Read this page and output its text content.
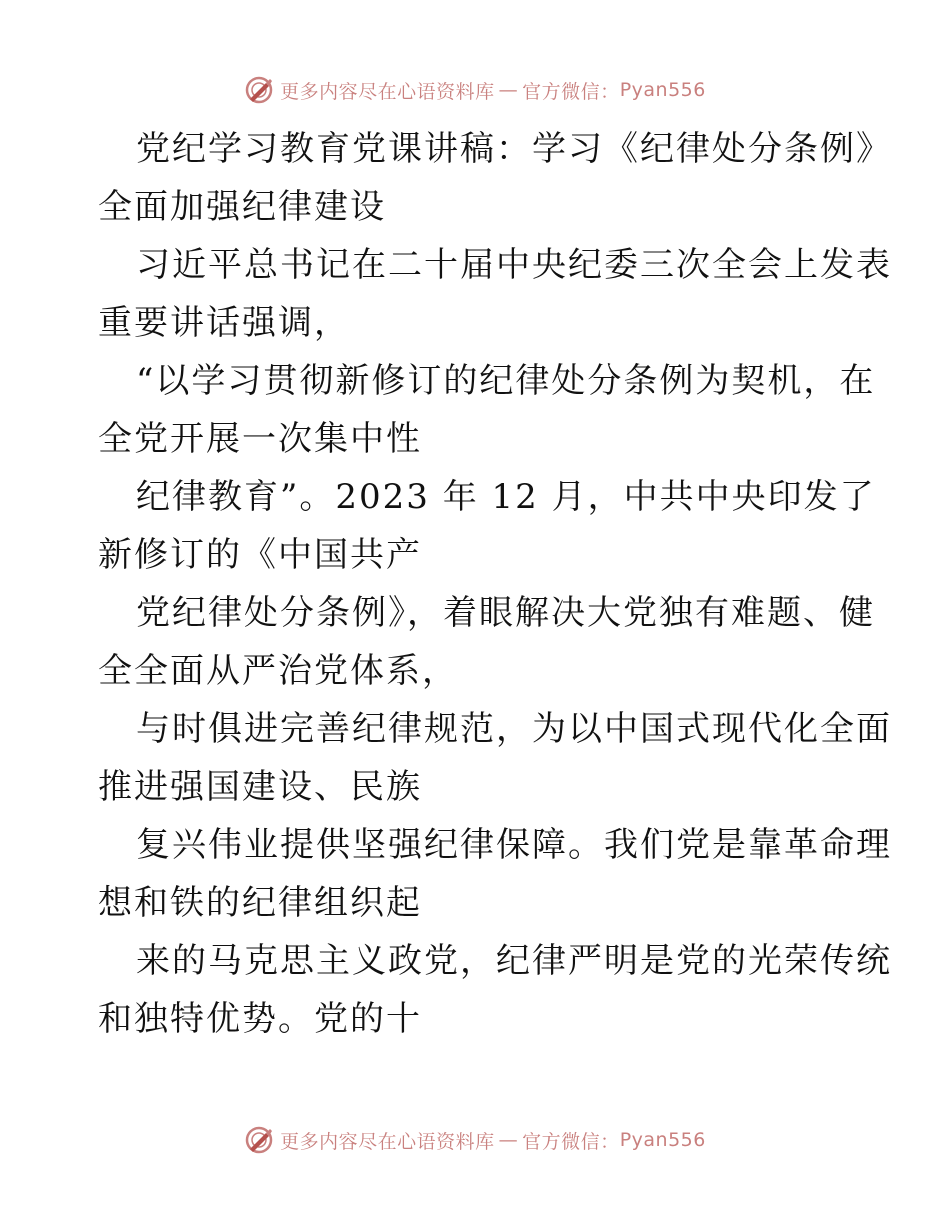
更多内容尽在心语资料库 — 官方微信： Pyan556

党纪学习教育党课讲稿：学习《纪律处分条例》

全面加强纪律建设

习近平总书记在二十届中央纪委三次全会上发表

重要讲话强调，

“以学习贯彻新修订的纪律处分条例为契机，在

全党开展一次集中性

纪律教育”。2023 年 12 月，中共中央印发了

新修订的《中国共产

党纪律处分条例》，着眼解决大党独有难题、健

全全面从严治党体系，

与时俱进完善纪律规范，为以中国式现代化全面

推进强国建设、民族

复兴伟业提供坚强纪律保障。我们党是靠革命理

想和铁的纪律组织起

来的马克思主义政党，纪律严明是党的光荣传统

和独特优势。党的十

更多内容尽在心语资料库 — 官方微信： Pyan556
